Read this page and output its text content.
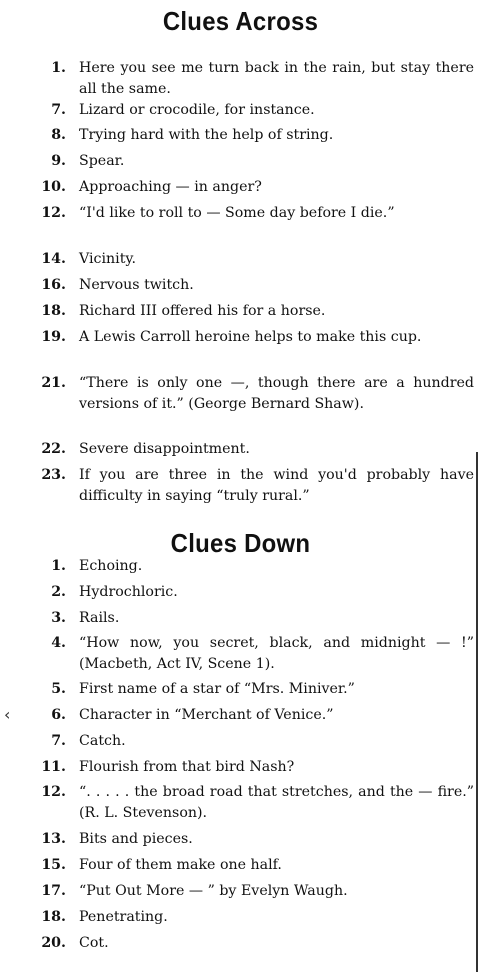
Clues Across
1. Here you see me turn back in the rain, but stay there all the same.
7. Lizard or crocodile, for instance.
8. Trying hard with the help of string.
9. Spear.
10. Approaching — in anger?
12. “I'd like to roll to — Some day before I die.”
14. Vicinity.
16. Nervous twitch.
18. Richard III offered his for a horse.
19. A Lewis Carroll heroine helps to make this cup.
21. “There is only one —, though there are a hundred versions of it.” (George Bernard Shaw).
22. Severe disappointment.
23. If you are three in the wind you'd probably have difficulty in saying “truly rural.”
Clues Down
1. Echoing.
2. Hydrochloric.
3. Rails.
4. “How now, you secret, black, and midnight — !” (Macbeth, Act IV, Scene 1).
5. First name of a star of “Mrs. Miniver.”
6. Character in “Merchant of Venice.”
7. Catch.
11. Flourish from that bird Nash?
12. “. . . . . the broad road that stretches, and the — fire.” (R. L. Stevenson).
13. Bits and pieces.
15. Four of them make one half.
17. “Put Out More — ” by Evelyn Waugh.
18. Penetrating.
20. Cot.
‹
